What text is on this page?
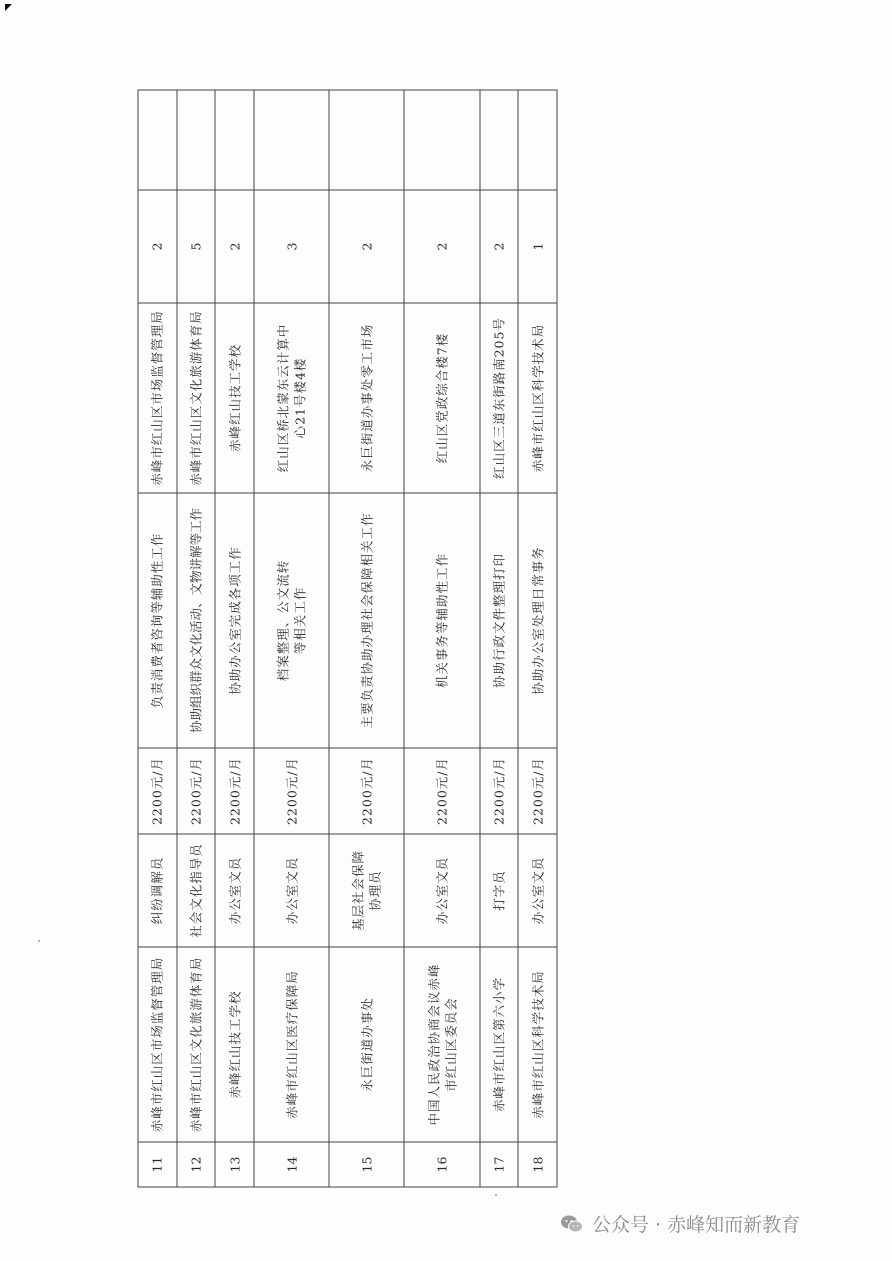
11	赤峰市红山区市场监督管理局	纠纷调解员	2200元/月	负责消费者咨询等辅助性工作	赤峰市红山区市场监督管理局	2	
12	赤峰市红山区文化旅游体育局	社会文化指导员	2200元/月	协助组织群众文化活动、文物讲解等工作	赤峰市红山区文化旅游体育局	5	
13	赤峰红山技工学校	办公室文员	2200元/月	协助办公室完成各项工作	赤峰红山技工学校	2	
14	赤峰市红山区医疗保障局	办公室文员	2200元/月	档案整理、公文流转等相关工作	红山区桥北蒙东云计算中心21号楼4楼	3	
15	永巨街道办事处	基层社会保障协理员	2200元/月	主要负责协助办理社会保障相关工作	永巨街道办事处零工市场	2	
16	中国人民政治协商会议赤峰市红山区委员会	办公室文员	2200元/月	机关事务等辅助性工作	红山区党政综合楼7楼	2	
17	赤峰市红山区第六小学	打字员	2200元/月	协助行政文件整理打印	红山区三道东街路南205号	2	
18	赤峰市红山区科学技术局	办公室文员	2200元/月	协助办公室处理日常事务	赤峰市红山区科学技术局	1	
公众号 · 赤峰知而新教育
